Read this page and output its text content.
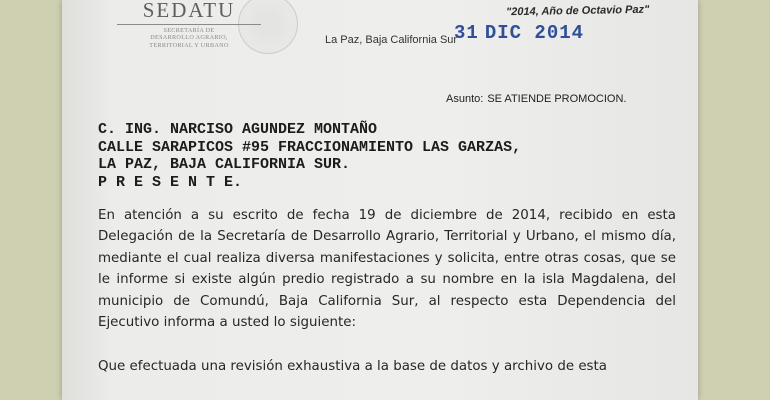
SEDATU
SECRETARÍA DE
DESARROLLO AGRARIO,
TERRITORIAL Y URBANO
"2014, Año de Octavio Paz"
La Paz, Baja California Sur
31 DIC 2014
Asunto: SE ATIENDE PROMOCION.
C. ING. NARCISO AGUNDEZ MONTAÑO
CALLE SARAPICOS #95 FRACCIONAMIENTO LAS GARZAS,
LA PAZ, BAJA CALIFORNIA SUR.
P R E S E N T E.

En atención a su escrito de fecha 19 de diciembre de 2014, recibido en esta Delegación de la Secretaría de Desarrollo Agrario, Territorial y Urbano, el mismo día, mediante el cual realiza diversa manifestaciones y solicita, entre otras cosas, que se le informe si existe algún predio registrado a su nombre en la isla Magdalena, del municipio de Comundú, Baja California Sur, al respecto esta Dependencia del Ejecutivo informa a usted lo siguiente:

Que efectuada una revisión exhaustiva a la base de datos y archivo de esta
